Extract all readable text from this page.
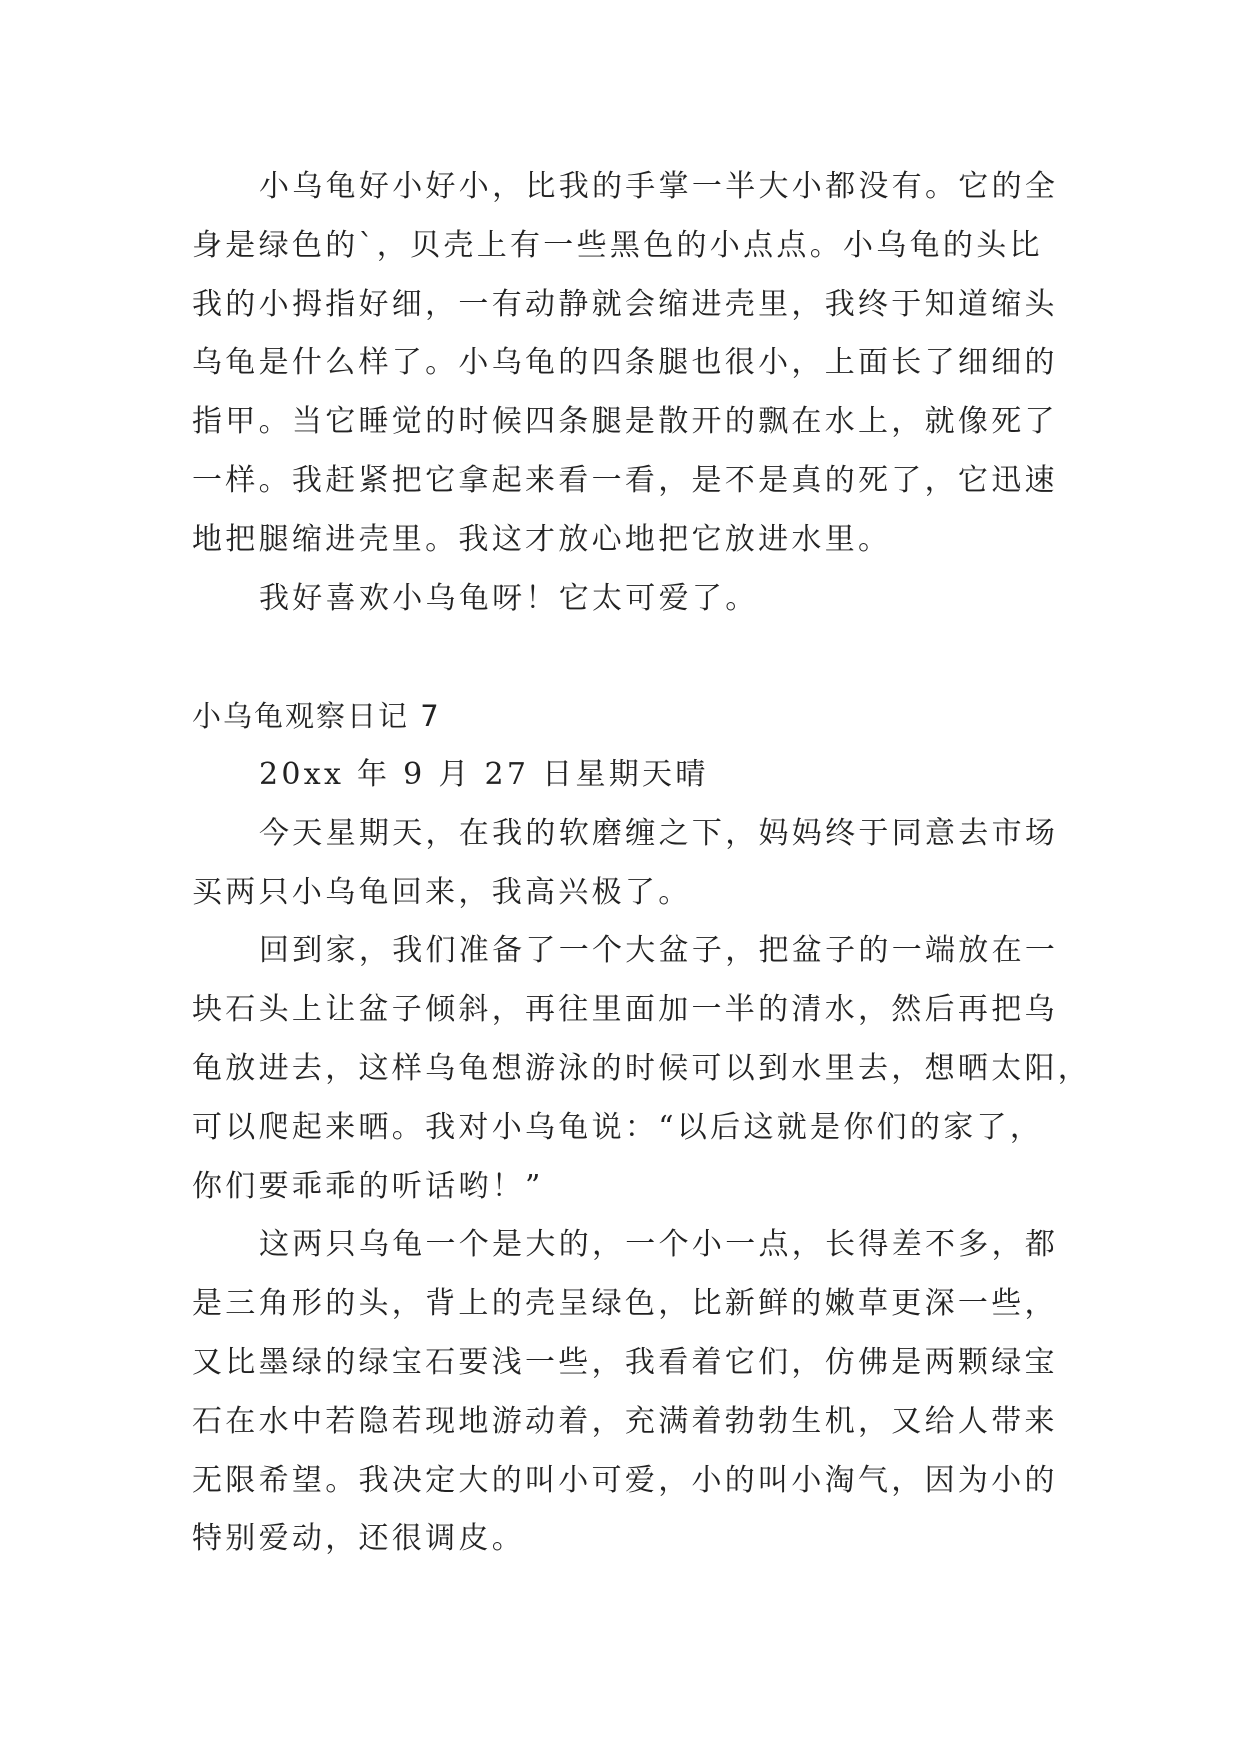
小乌龟好小好小，比我的手掌一半大小都没有。它的全
身是绿色的`，贝壳上有一些黑色的小点点。小乌龟的头比
我的小拇指好细，一有动静就会缩进壳里，我终于知道缩头
乌龟是什么样了。小乌龟的四条腿也很小，上面长了细细的
指甲。当它睡觉的时候四条腿是散开的飘在水上，就像死了
一样。我赶紧把它拿起来看一看，是不是真的死了，它迅速
地把腿缩进壳里。我这才放心地把它放进水里。
我好喜欢小乌龟呀！它太可爱了。
小乌龟观察日记 7
20xx 年 9 月 27 日星期天晴
今天星期天，在我的软磨缠之下，妈妈终于同意去市场
买两只小乌龟回来，我高兴极了。
回到家，我们准备了一个大盆子，把盆子的一端放在一
块石头上让盆子倾斜，再往里面加一半的清水，然后再把乌
龟放进去，这样乌龟想游泳的时候可以到水里去，想晒太阳，
可以爬起来晒。我对小乌龟说：“以后这就是你们的家了，
你们要乖乖的听话哟！”
这两只乌龟一个是大的，一个小一点，长得差不多，都
是三角形的头，背上的壳呈绿色，比新鲜的嫩草更深一些，
又比墨绿的绿宝石要浅一些，我看着它们，仿佛是两颗绿宝
石在水中若隐若现地游动着，充满着勃勃生机，又给人带来
无限希望。我决定大的叫小可爱，小的叫小淘气，因为小的
特别爱动，还很调皮。
